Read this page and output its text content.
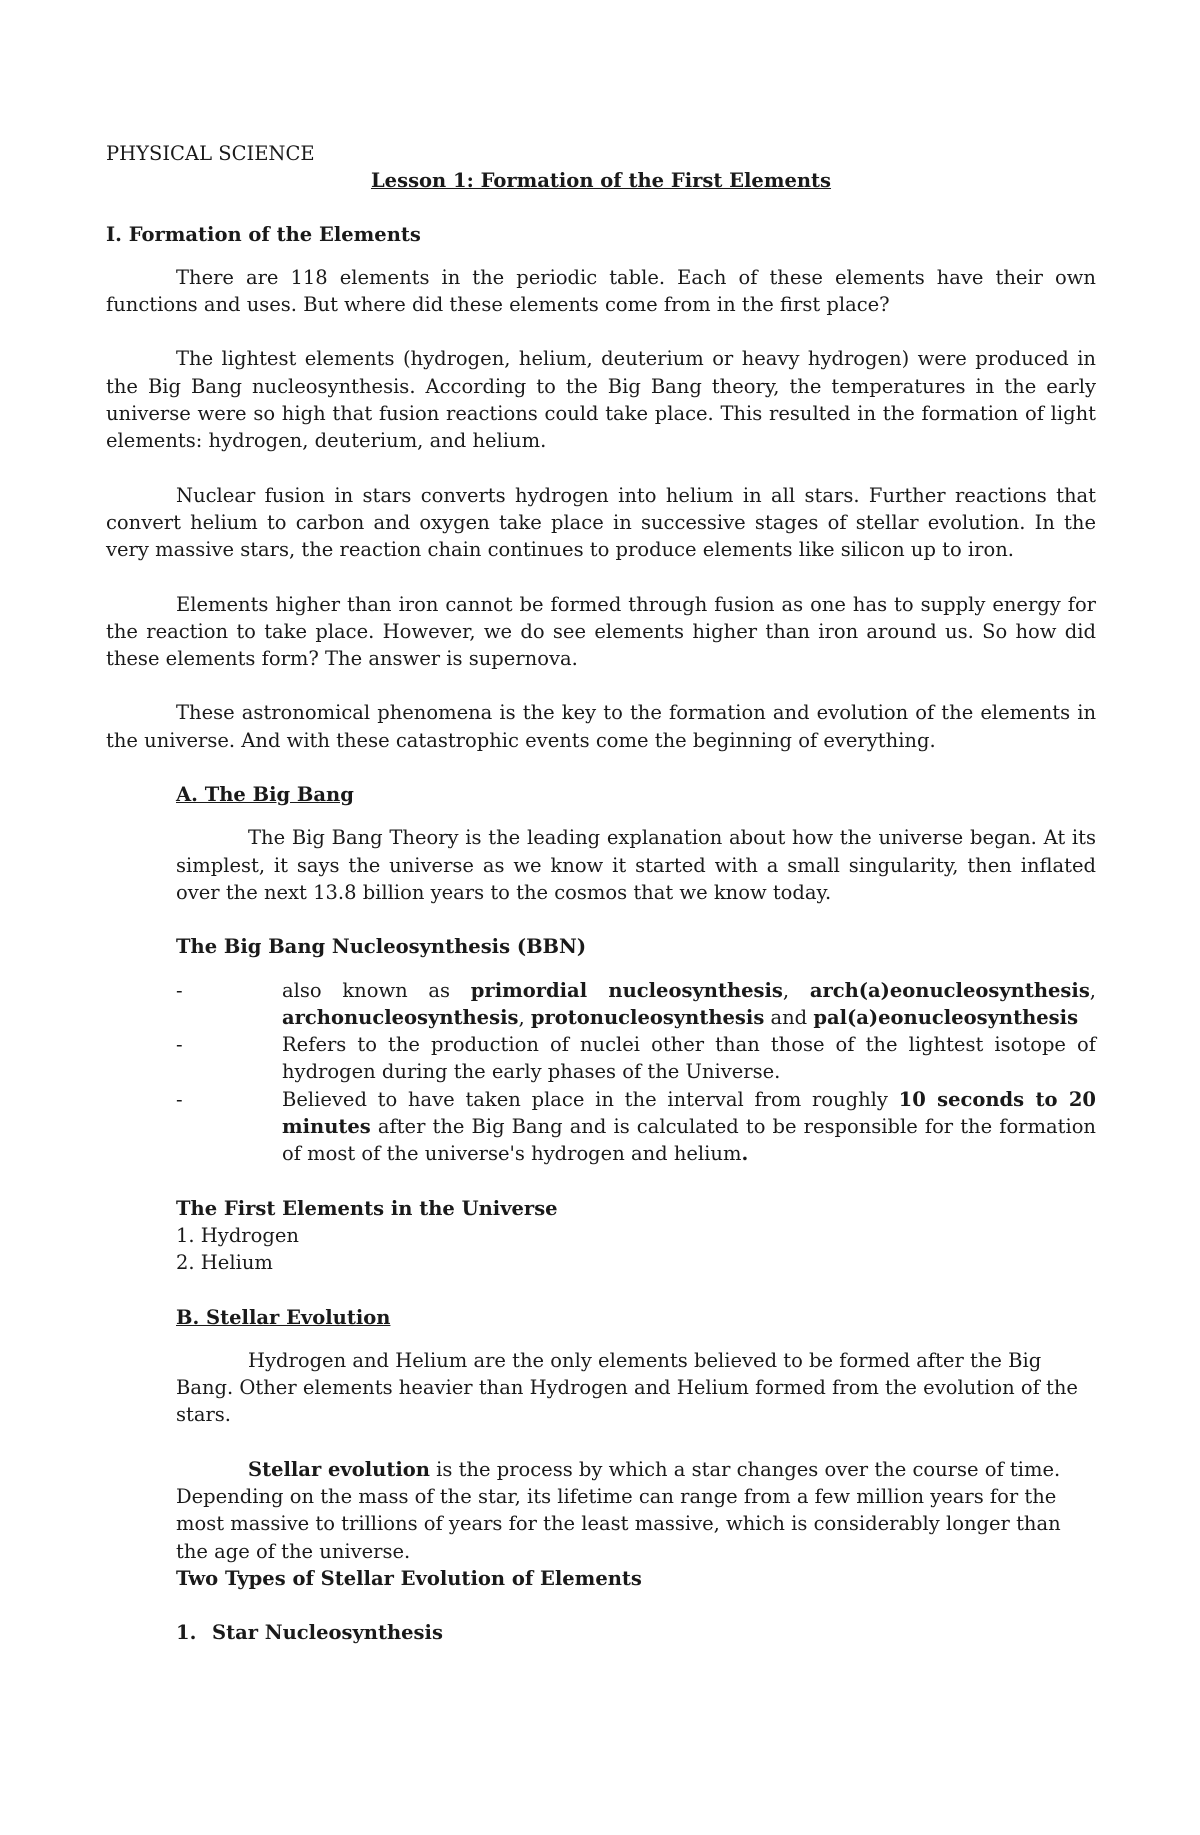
PHYSICAL SCIENCE

Lesson 1: Formation of the First Elements

I. Formation of the Elements

There are 118 elements in the periodic table. Each of these elements have their own functions and uses. But where did these elements come from in the first place?

The lightest elements (hydrogen, helium, deuterium or heavy hydrogen) were produced in the Big Bang nucleosynthesis. According to the Big Bang theory, the temperatures in the early universe were so high that fusion reactions could take place. This resulted in the formation of light elements: hydrogen, deuterium, and helium.

Nuclear fusion in stars converts hydrogen into helium in all stars. Further reactions that convert helium to carbon and oxygen take place in successive stages of stellar evolution. In the very massive stars, the reaction chain continues to produce elements like silicon up to iron.

Elements higher than iron cannot be formed through fusion as one has to supply energy for the reaction to take place. However, we do see elements higher than iron around us. So how did these elements form? The answer is supernova.

These astronomical phenomena is the key to the formation and evolution of the elements in the universe. And with these catastrophic events come the beginning of everything.

A. The Big Bang

The Big Bang Theory is the leading explanation about how the universe began. At its simplest, it says the universe as we know it started with a small singularity, then inflated over the next 13.8 billion years to the cosmos that we know today.

The Big Bang Nucleosynthesis (BBN)

-	also known as primordial nucleosynthesis, arch(a)eonucleosynthesis, archonucleosynthesis, protonucleosynthesis and pal(a)eonucleosynthesis
-	Refers to the production of nuclei other than those of the lightest isotope of hydrogen during the early phases of the Universe.
-	Believed to have taken place in the interval from roughly 10 seconds to 20 minutes after the Big Bang and is calculated to be responsible for the formation of most of the universe's hydrogen and helium.

The First Elements in the Universe

1. Hydrogen

2. Helium

B. Stellar Evolution

Hydrogen and Helium are the only elements believed to be formed after the Big Bang. Other elements heavier than Hydrogen and Helium formed from the evolution of the stars.

Stellar evolution is the process by which a star changes over the course of time. Depending on the mass of the star, its lifetime can range from a few million years for the most massive to trillions of years for the least massive, which is considerably longer than the age of the universe.

Two Types of Stellar Evolution of Elements

1. Star Nucleosynthesis
